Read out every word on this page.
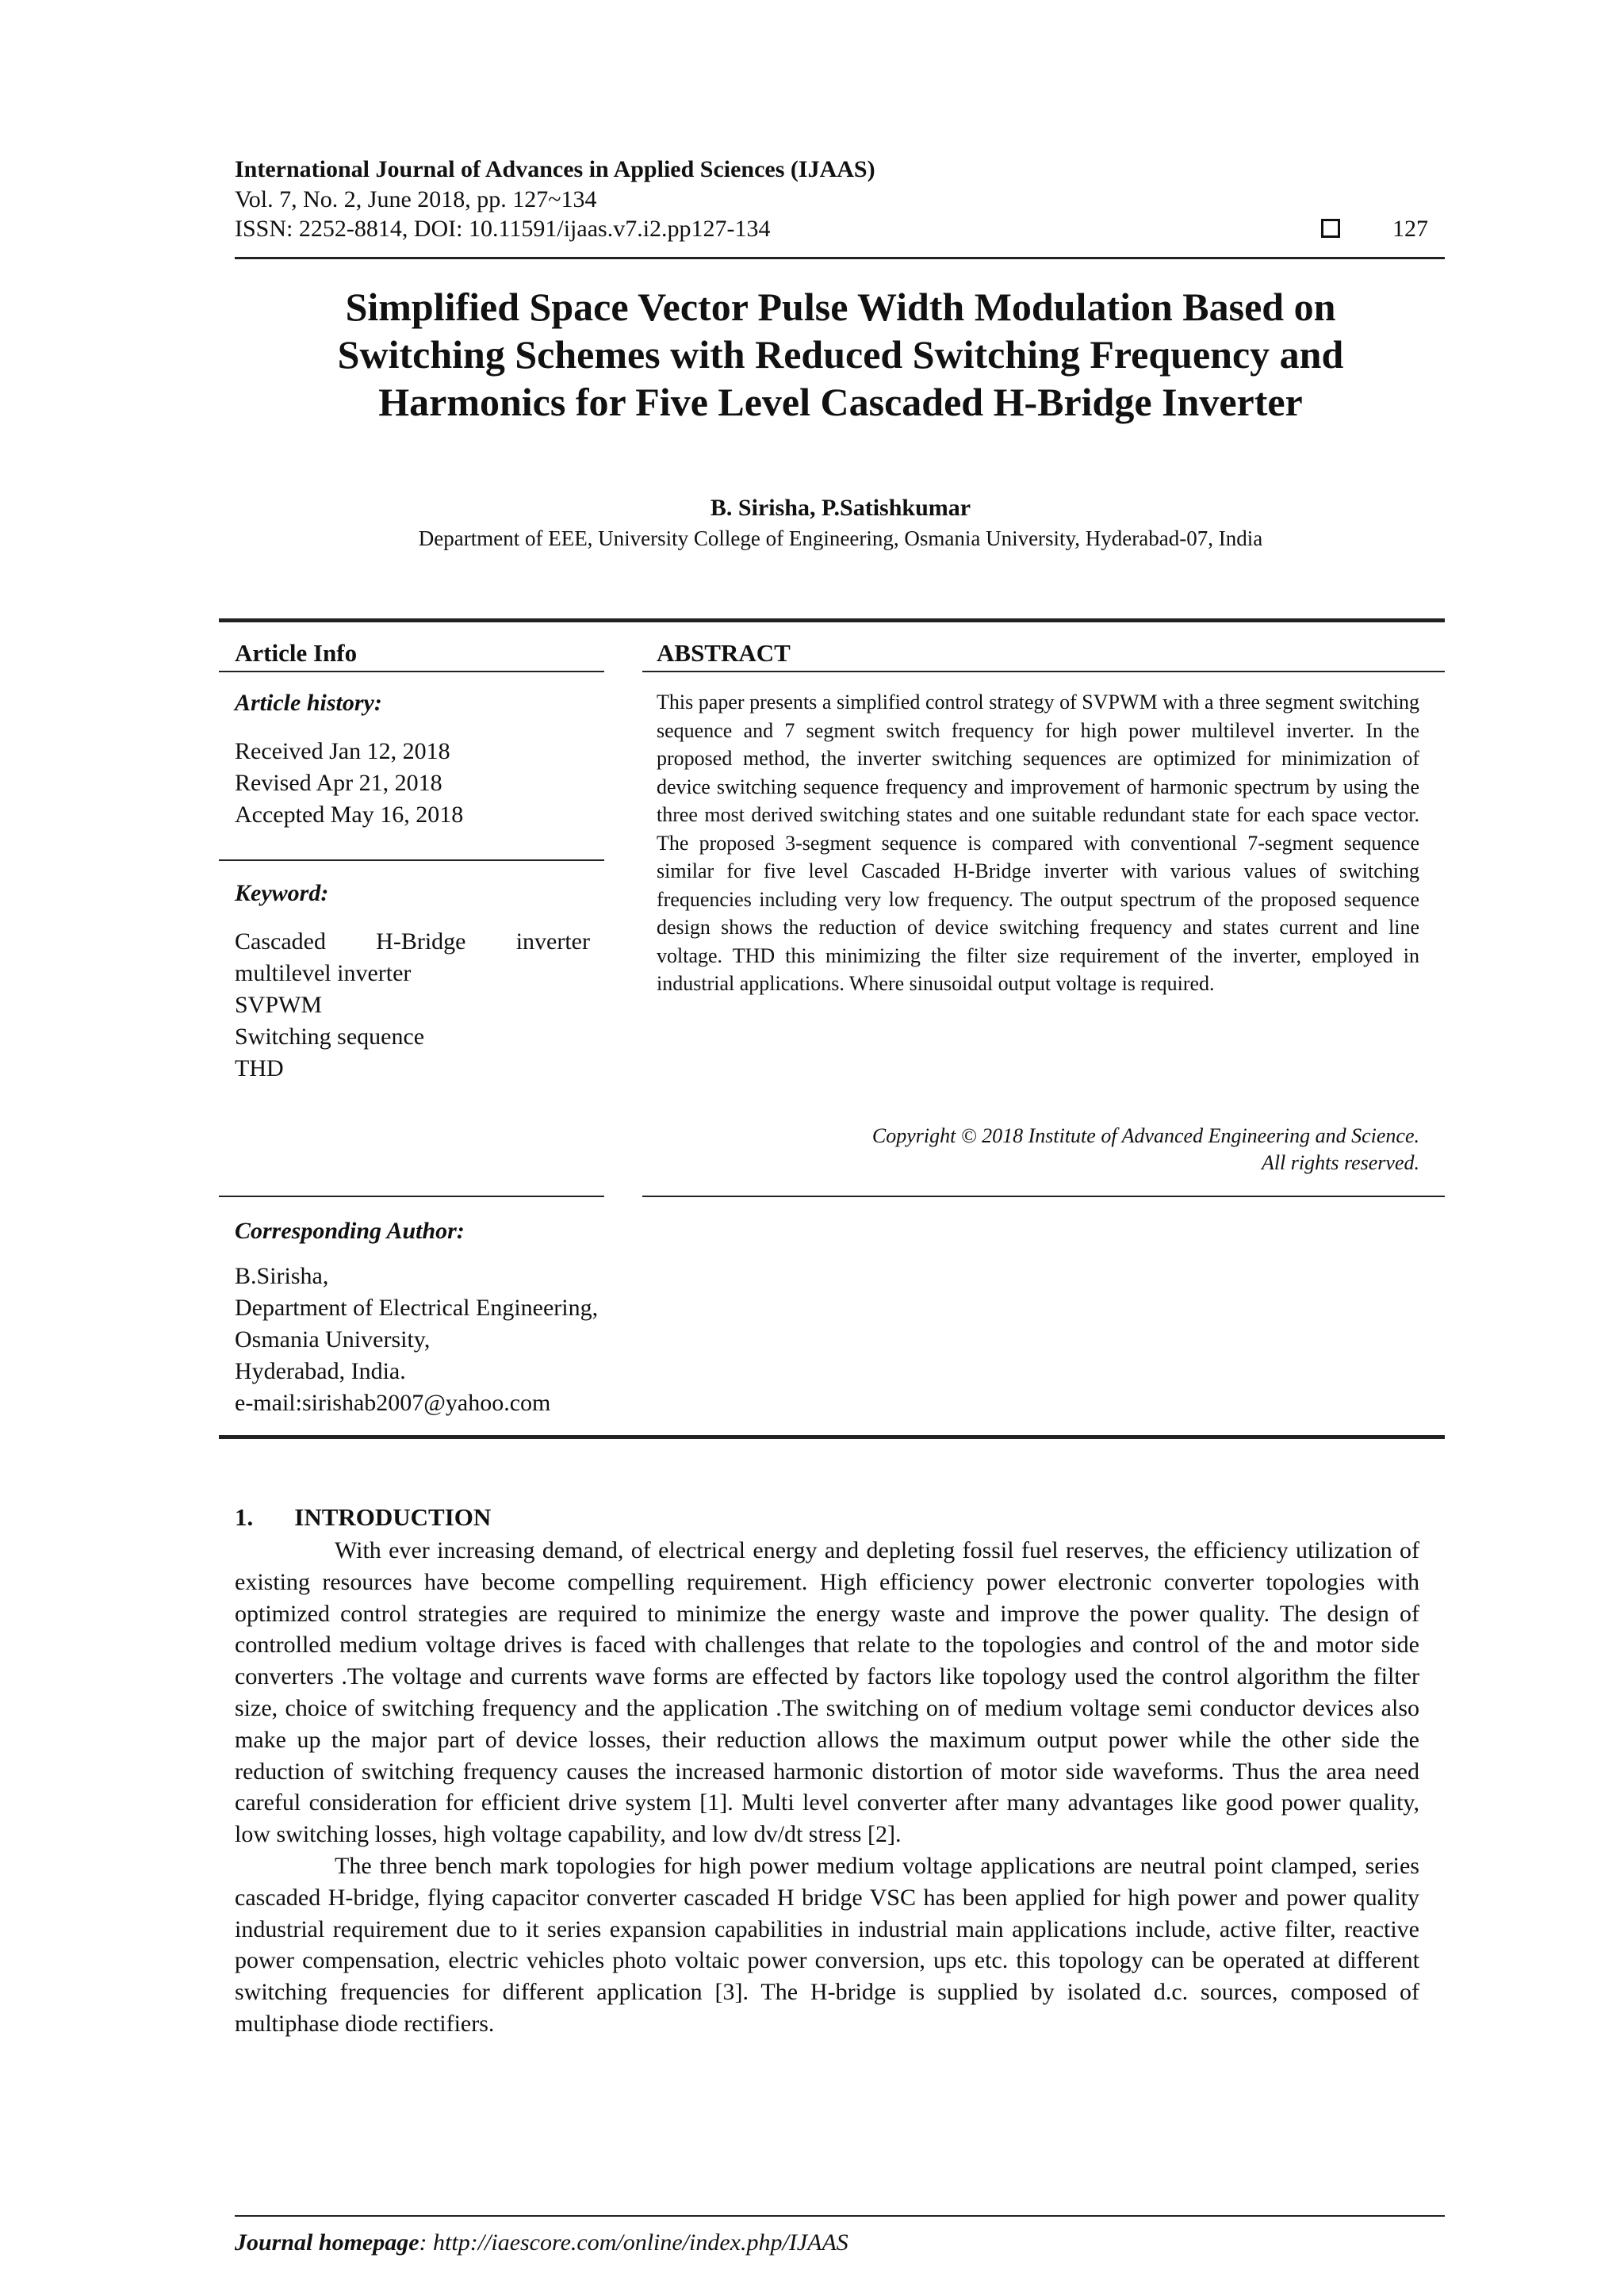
International Journal of Advances in Applied Sciences (IJAAS)
Vol. 7, No. 2, June 2018, pp. 127~134
ISSN: 2252-8814, DOI: 10.11591/ijaas.v7.i2.pp127-134	127
Simplified Space Vector Pulse Width Modulation Based on
Switching Schemes with Reduced Switching Frequency and
Harmonics for Five Level Cascaded H-Bridge Inverter
B. Sirisha, P.Satishkumar
Department of EEE, University College of Engineering, Osmania University, Hyderabad-07, India
Article Info
Article history:
Received Jan 12, 2018
Revised Apr 21, 2018
Accepted May 16, 2018
Keyword:
Cascaded H-Bridge inverter
multilevel inverter
SVPWM
Switching sequence
THD
ABSTRACT
This paper presents a simplified control strategy of SVPWM with a three segment switching sequence and 7 segment switch frequency for high power multilevel inverter. In the proposed method, the inverter switching sequences are optimized for minimization of device switching sequence frequency and improvement of harmonic spectrum by using the three most derived switching states and one suitable redundant state for each space vector. The proposed 3-segment sequence is compared with conventional 7-segment sequence similar for five level Cascaded H-Bridge inverter with various values of switching frequencies including very low frequency. The output spectrum of the proposed sequence design shows the reduction of device switching frequency and states current and line voltage. THD this minimizing the filter size requirement of the inverter, employed in industrial applications. Where sinusoidal output voltage is required.
Copyright © 2018 Institute of Advanced Engineering and Science.
All rights reserved.
Corresponding Author:
B.Sirisha,
Department of Electrical Engineering,
Osmania University,
Hyderabad, India.
e-mail:sirishab2007@yahoo.com
1. INTRODUCTION

With ever increasing demand, of electrical energy and depleting fossil fuel reserves, the efficiency utilization of existing resources have become compelling requirement. High efficiency power electronic converter topologies with optimized control strategies are required to minimize the energy waste and improve the power quality. The design of controlled medium voltage drives is faced with challenges that relate to the topologies and control of the and motor side converters .The voltage and currents wave forms are effected by factors like topology used the control algorithm the filter size, choice of switching frequency and the application .The switching on of medium voltage semi conductor devices also make up the major part of device losses, their reduction allows the maximum output power while the other side the reduction of switching frequency causes the increased harmonic distortion of motor side waveforms. Thus the area need careful consideration for efficient drive system [1]. Multi level converter after many advantages like good power quality, low switching losses, high voltage capability, and low dv/dt stress [2].

The three bench mark topologies for high power medium voltage applications are neutral point clamped, series cascaded H-bridge, flying capacitor converter cascaded H bridge VSC has been applied for high power and power quality industrial requirement due to it series expansion capabilities in industrial main applications include, active filter, reactive power compensation, electric vehicles photo voltaic power conversion, ups etc. this topology can be operated at different switching frequencies for different application [3]. The H-bridge is supplied by isolated d.c. sources, composed of multiphase diode rectifiers.

Journal homepage: http://iaescore.com/online/index.php/IJAAS
